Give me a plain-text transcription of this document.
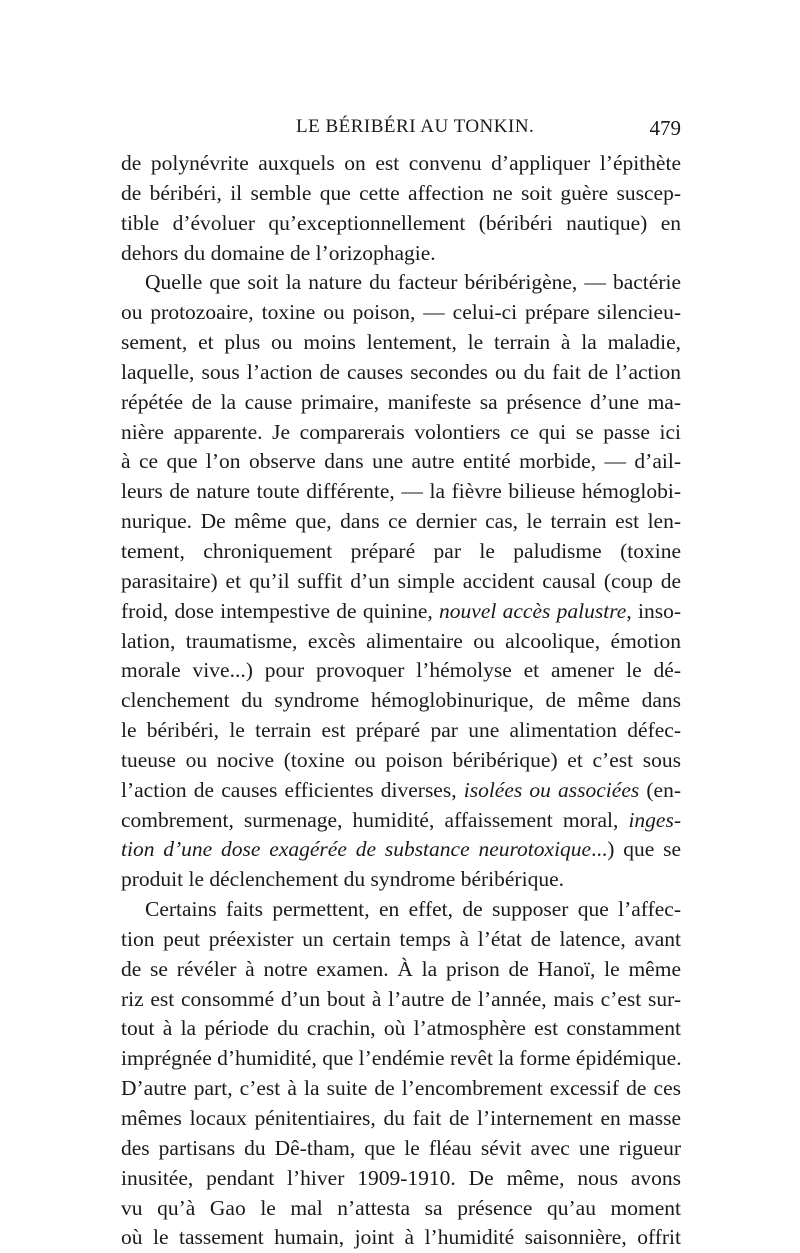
LE BÉRIBÉRI AU TONKIN.	479
de polynévrite auxquels on est convenu d’appliquer l’épithète
de béribéri, il semble que cette affection ne soit guère suscep-
tible d’évoluer qu’exceptionnellement (béribéri nautique) en
dehors du domaine de l’orizophagie.
Quelle que soit la nature du facteur béribérigène, — bactérie
ou protozoaire, toxine ou poison, — celui-ci prépare silencieu-
sement, et plus ou moins lentement, le terrain à la maladie,
laquelle, sous l’action de causes secondes ou du fait de l’action
répétée de la cause primaire, manifeste sa présence d’une ma-
nière apparente. Je comparerais volontiers ce qui se passe ici
à ce que l’on observe dans une autre entité morbide, — d’ail-
leurs de nature toute différente, — la fièvre bilieuse hémoglobi-
nurique. De même que, dans ce dernier cas, le terrain est len-
tement, chroniquement préparé par le paludisme (toxine
parasitaire) et qu’il suffit d’un simple accident causal (coup de
froid, dose intempestive de quinine, nouvel accès palustre, inso-
lation, traumatisme, excès alimentaire ou alcoolique, émotion
morale vive...) pour provoquer l’hémolyse et amener le dé-
clenchement du syndrome hémoglobinurique, de même dans
le béribéri, le terrain est préparé par une alimentation défec-
tueuse ou nocive (toxine ou poison béribérique) et c’est sous
l’action de causes efficientes diverses, isolées ou associées (en-
combrement, surmenage, humidité, affaissement moral, inges-
tion d’une dose exagérée de substance neurotoxique...) que se
produit le déclenchement du syndrome béribérique.
Certains faits permettent, en effet, de supposer que l’affec-
tion peut préexister un certain temps à l’état de latence, avant
de se révéler à notre examen. À la prison de Hanoï, le même
riz est consommé d’un bout à l’autre de l’année, mais c’est sur-
tout à la période du crachin, où l’atmosphère est constamment
imprégnée d’humidité, que l’endémie revêt la forme épidémique.
D’autre part, c’est à la suite de l’encombrement excessif de ces
mêmes locaux pénitentiaires, du fait de l’internement en masse
des partisans du Dê-tham, que le fléau sévit avec une rigueur
inusitée, pendant l’hiver 1909-1910. De même, nous avons
vu qu’à Gao le mal n’attesta sa présence qu’au moment
où le tassement humain, joint à l’humidité saisonnière, offrit
